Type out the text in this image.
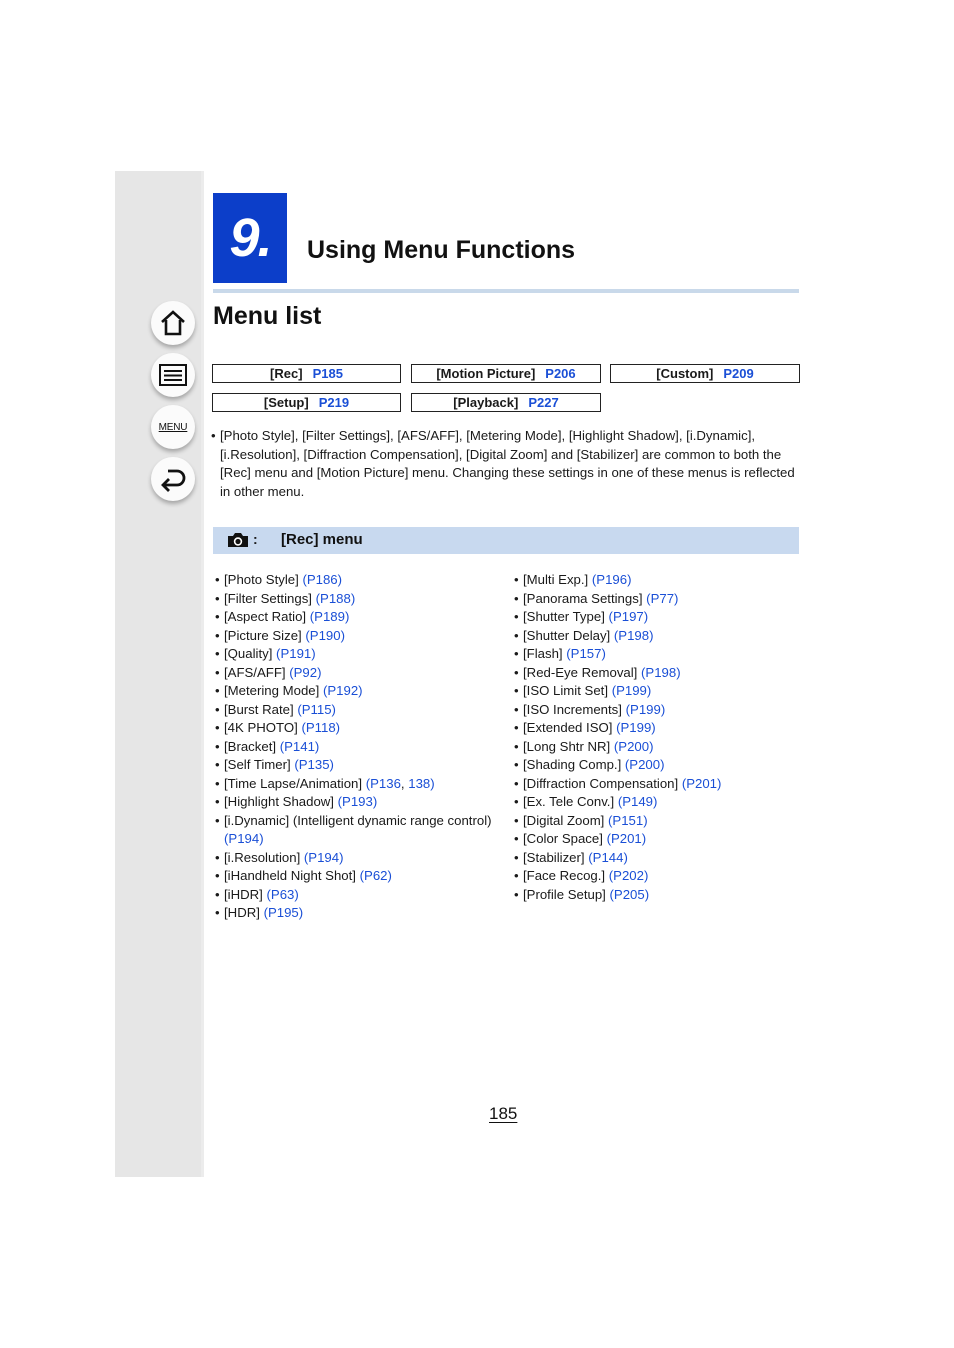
MENU
9.	Using Menu Functions
Menu list
[Rec] P185	[Motion Picture] P206	[Custom] P209
[Setup] P219	[Playback] P227
• [Photo Style], [Filter Settings], [AFS/AFF], [Metering Mode], [Highlight Shadow], [i.Dynamic], [i.Resolution], [Diffraction Compensation], [Digital Zoom] and [Stabilizer] are common to both the [Rec] menu and [Motion Picture] menu. Changing these settings in one of these menus is reflected in other menu.
: [Rec] menu
• [Photo Style] (P186)
• [Filter Settings] (P188)
• [Aspect Ratio] (P189)
• [Picture Size] (P190)
• [Quality] (P191)
• [AFS/AFF] (P92)
• [Metering Mode] (P192)
• [Burst Rate] (P115)
• [4K PHOTO] (P118)
• [Bracket] (P141)
• [Self Timer] (P135)
• [Time Lapse/Animation] (P136, 138)
• [Highlight Shadow] (P193)
• [i.Dynamic] (Intelligent dynamic range control) (P194)
• [i.Resolution] (P194)
• [iHandheld Night Shot] (P62)
• [iHDR] (P63)
• [HDR] (P195)
• [Multi Exp.] (P196)
• [Panorama Settings] (P77)
• [Shutter Type] (P197)
• [Shutter Delay] (P198)
• [Flash] (P157)
• [Red-Eye Removal] (P198)
• [ISO Limit Set] (P199)
• [ISO Increments] (P199)
• [Extended ISO] (P199)
• [Long Shtr NR] (P200)
• [Shading Comp.] (P200)
• [Diffraction Compensation] (P201)
• [Ex. Tele Conv.] (P149)
• [Digital Zoom] (P151)
• [Color Space] (P201)
• [Stabilizer] (P144)
• [Face Recog.] (P202)
• [Profile Setup] (P205)
185
